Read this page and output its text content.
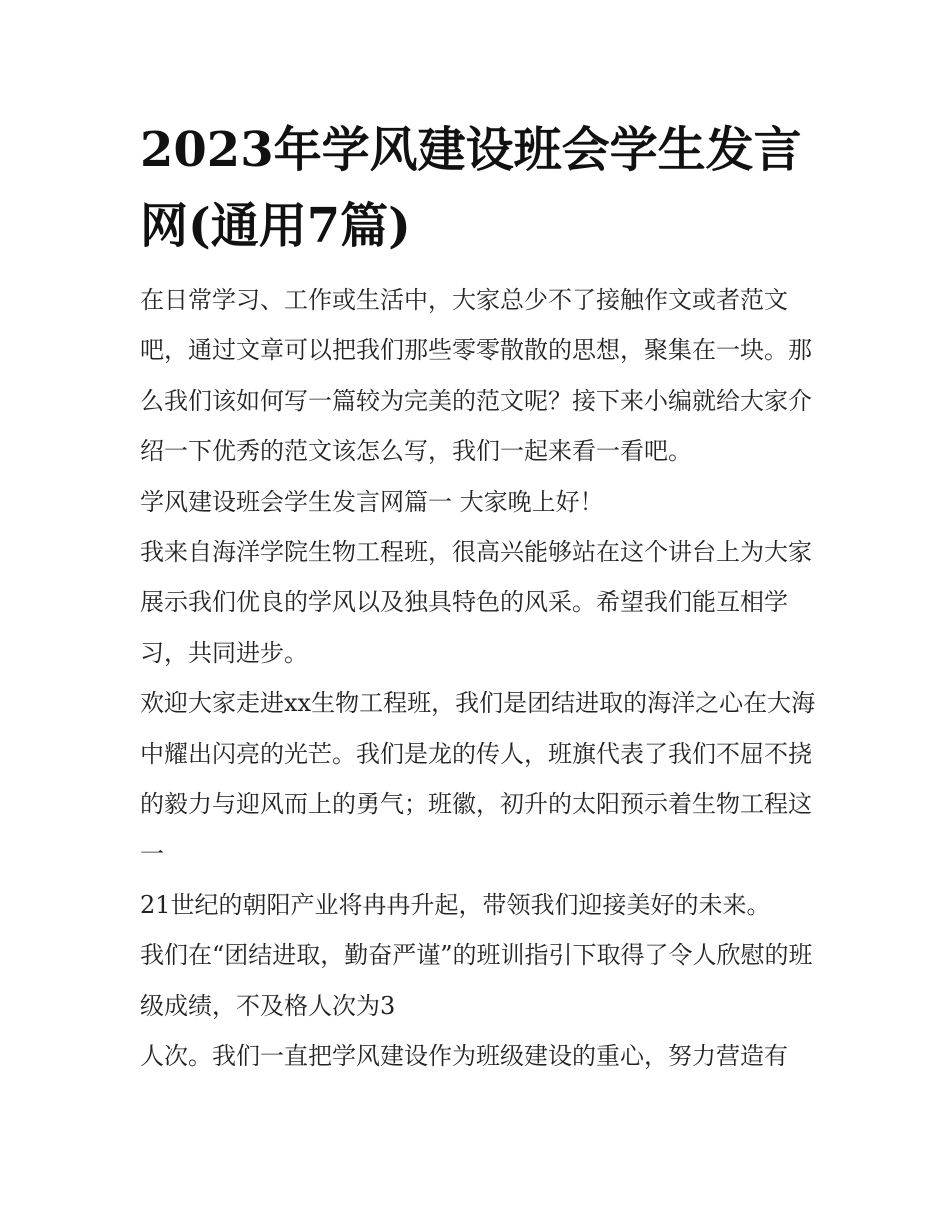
2023年学风建设班会学生发言网(通用7篇)

在日常学习、工作或生活中，大家总少不了接触作文或者范文吧，通过文章可以把我们那些零零散散的思想，聚集在一块。那么我们该如何写一篇较为完美的范文呢？接下来小编就给大家介绍一下优秀的范文该怎么写，我们一起来看一看吧。

学风建设班会学生发言网篇一 大家晚上好！

我来自海洋学院生物工程班，很高兴能够站在这个讲台上为大家展示我们优良的学风以及独具特色的风采。希望我们能互相学习，共同进步。

欢迎大家走进xx生物工程班，我们是团结进取的海洋之心在大海中耀出闪亮的光芒。我们是龙的传人，班旗代表了我们不屈不挠的毅力与迎风而上的勇气；班徽，初升的太阳预示着生物工程这一

21世纪的朝阳产业将冉冉升起，带领我们迎接美好的未来。

我们在“团结进取，勤奋严谨”的班训指引下取得了令人欣慰的班级成绩，不及格人次为3

人次。我们一直把学风建设作为班级建设的重心，努力营造有
